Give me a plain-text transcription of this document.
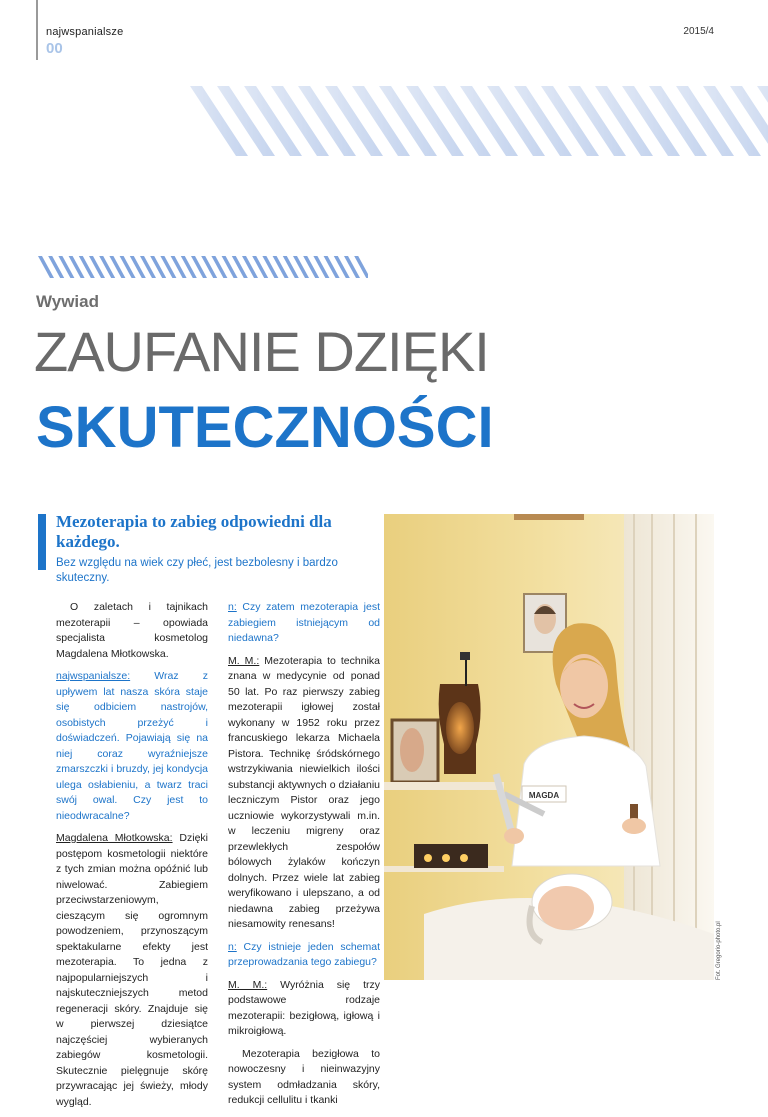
najwspanialsze
00
2015/4
Wywiad
ZAUFANIE DZIĘKI
SKUTECZNOŚCI
Mezoterapia to zabieg odpowiedni dla każdego.
Bez względu na wiek czy płeć, jest bezbolesny i bardzo skuteczny.

O zaletach i tajnikach mezoterapii – opowiada specjalista kosmetolog Magdalena Młotkowska.

najwspanialsze: Wraz z upływem lat nasza skóra staje się odbiciem nastrojów, osobistych przeżyć i doświadczeń. Pojawiają się na niej coraz wyraźniejsze zmarszczki i bruzdy, jej kondycja ulega osłabieniu, a twarz traci swój owal. Czy jest to nieodwracalne?

Magdalena Młotkowska: Dzięki postępom kosmetologii niektóre z tych zmian można opóźnić lub niwelować. Zabiegiem przeciwstarzeniowym, cieszącym się ogromnym powodzeniem, przynoszącym spektakularne efekty jest mezoterapia. To jedna z najpopularniejszych i najskuteczniejszych metod regeneracji skóry. Znajduje się w pierwszej dziesiątce najczęściej wybieranych zabiegów kosmetologii. Skutecznie pielęgnuje skórę przywracając jej świeży, młody wygląd.

n: Czy zatem mezoterapia jest zabiegiem istniejącym od niedawna?

M. M.: Mezoterapia to technika znana w medycynie od ponad 50 lat. Po raz pierwszy zabieg mezoterapii igłowej został wykonany w 1952 roku przez francuskiego lekarza Michaela Pistora. Technikę śródskórnego wstrzykiwania niewielkich ilości substancji aktywnych o działaniu leczniczym Pistor oraz jego uczniowie wykorzystywali m.in. w leczeniu migreny oraz przewlekłych zespołów bólowych żylaków kończyn dolnych. Przez wiele lat zabieg weryfikowano i ulepszano, a od niedawna zabieg przeżywa niesamowity renesans!

n: Czy istnieje jeden schemat przeprowadzania tego zabiegu?

M. M.: Wyróżnia się trzy podstawowe rodzaje mezoterapii: bezigłową, igłową i mikroigłową.

Mezoterapia bezigłowa to nowoczesny i nieinwazyjny system odmładzania skóry, redukcji cellulitu i tkanki

MAGDA
Fot. Gregorio-photo.pl
